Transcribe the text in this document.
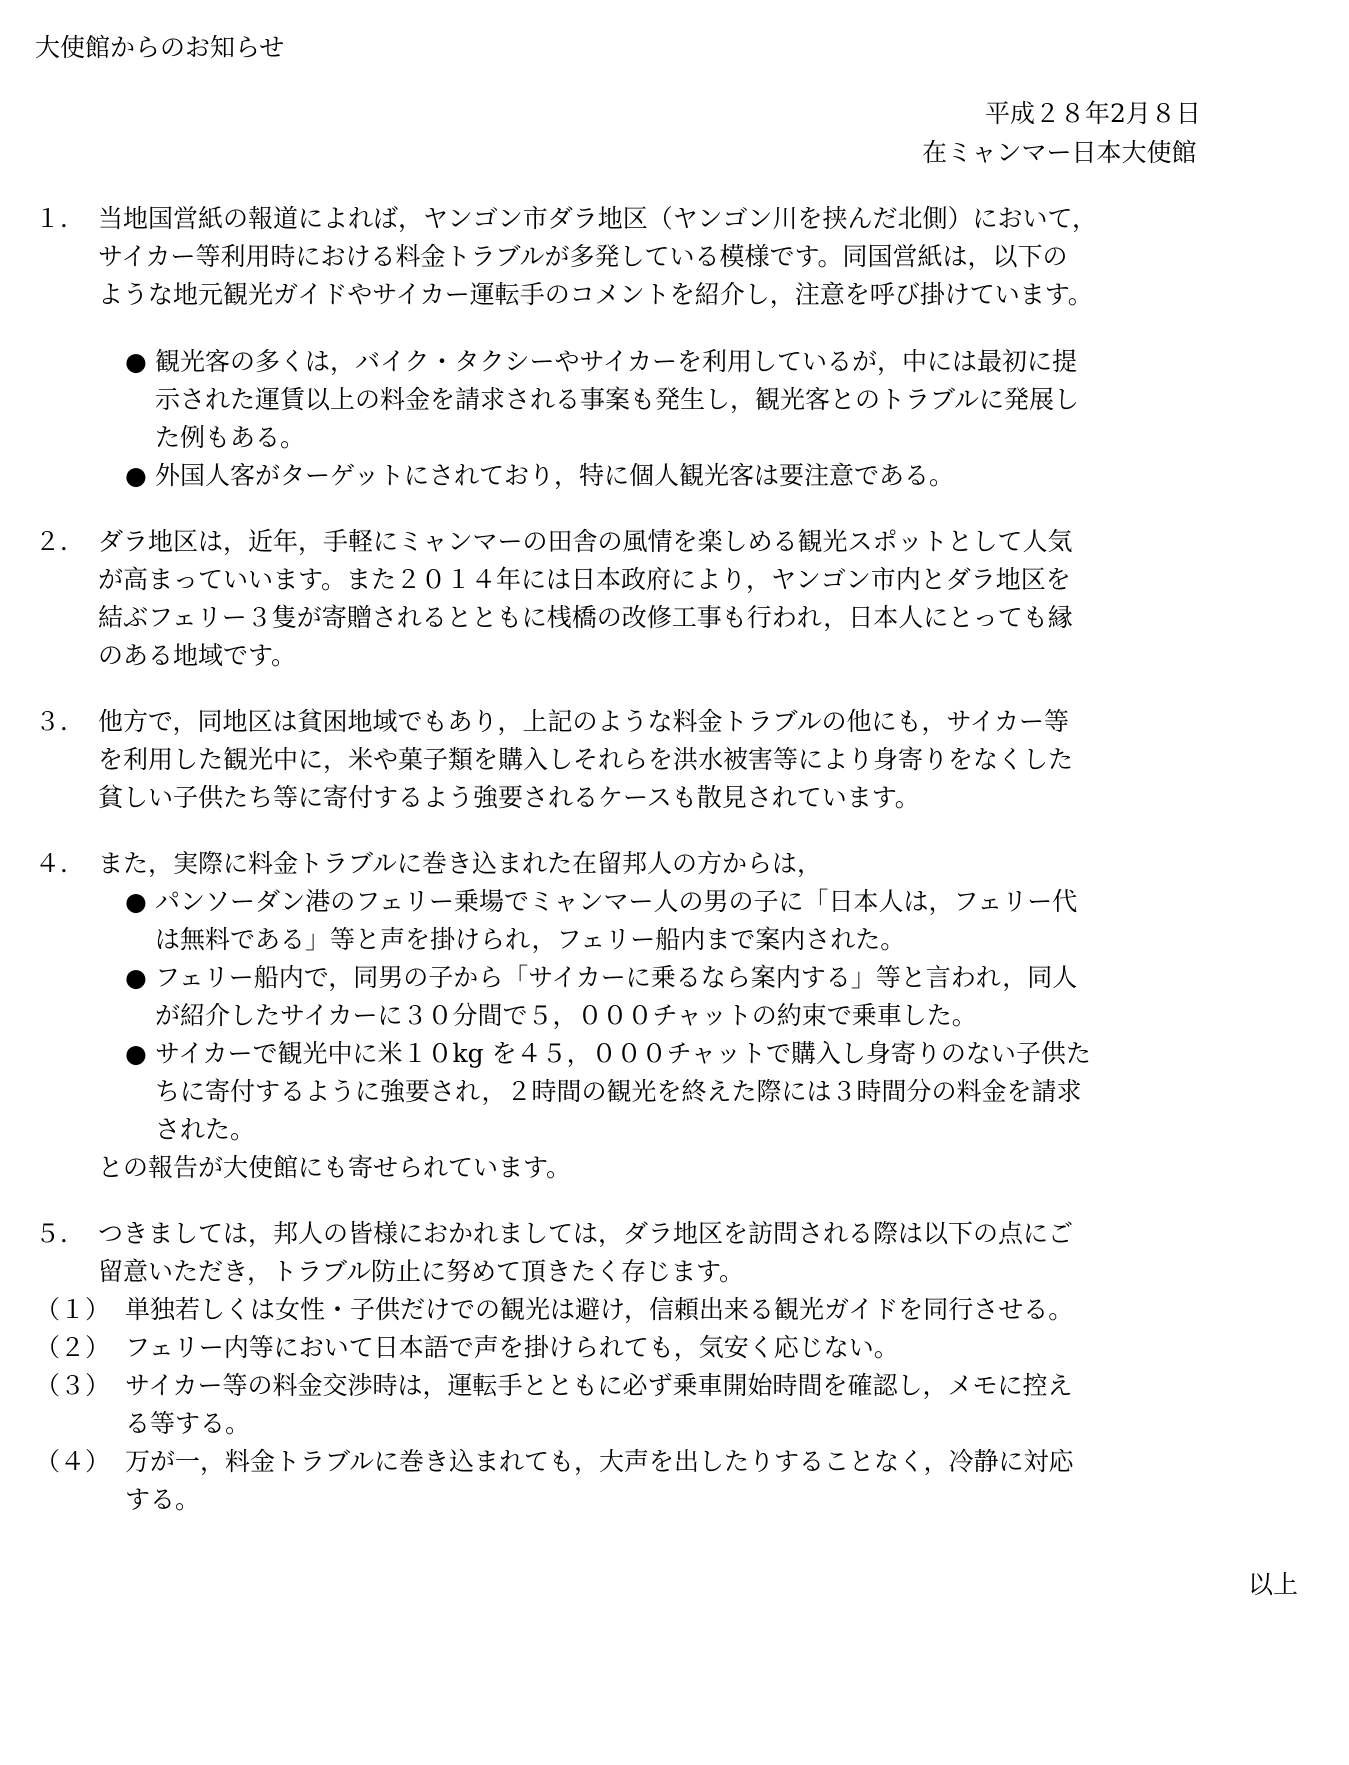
大使館からのお知らせ
平成２８年2月８日
在ミャンマー日本大使館
１． 当地国営紙の報道によれば，ヤンゴン市ダラ地区（ヤンゴン川を挟んだ北側）において，
サイカー等利用時における料金トラブルが多発している模様です。同国営紙は，以下の
ような地元観光ガイドやサイカー運転手のコメントを紹介し，注意を呼び掛けています。
● 観光客の多くは，バイク・タクシーやサイカーを利用しているが，中には最初に提
示された運賃以上の料金を請求される事案も発生し，観光客とのトラブルに発展し
た例もある。
● 外国人客がターゲットにされており，特に個人観光客は要注意である。
２． ダラ地区は，近年，手軽にミャンマーの田舎の風情を楽しめる観光スポットとして人気
が高まっていいます。また２０１４年には日本政府により，ヤンゴン市内とダラ地区を
結ぶフェリー３隻が寄贈されるとともに桟橋の改修工事も行われ，日本人にとっても縁
のある地域です。
３． 他方で，同地区は貧困地域でもあり，上記のような料金トラブルの他にも，サイカー等
を利用した観光中に，米や菓子類を購入しそれらを洪水被害等により身寄りをなくした
貧しい子供たち等に寄付するよう強要されるケースも散見されています。
４． また，実際に料金トラブルに巻き込まれた在留邦人の方からは，
● パンソーダン港のフェリー乗場でミャンマー人の男の子に「日本人は，フェリー代
は無料である」等と声を掛けられ，フェリー船内まで案内された。
● フェリー船内で，同男の子から「サイカーに乗るなら案内する」等と言われ，同人
が紹介したサイカーに３０分間で５，０００チャットの約束で乗車した。
● サイカーで観光中に米１０kg を４５，０００チャットで購入し身寄りのない子供た
ちに寄付するように強要され，２時間の観光を終えた際には３時間分の料金を請求
された。
との報告が大使館にも寄せられています。
５． つきましては，邦人の皆様におかれましては，ダラ地区を訪問される際は以下の点にご
留意いただき，トラブル防止に努めて頂きたく存じます。
（１） 単独若しくは女性・子供だけでの観光は避け，信頼出来る観光ガイドを同行させる。
（２） フェリー内等において日本語で声を掛けられても，気安く応じない。
（３） サイカー等の料金交渉時は，運転手とともに必ず乗車開始時間を確認し，メモに控え
る等する。
（４） 万が一，料金トラブルに巻き込まれても，大声を出したりすることなく，冷静に対応
する。
以上
